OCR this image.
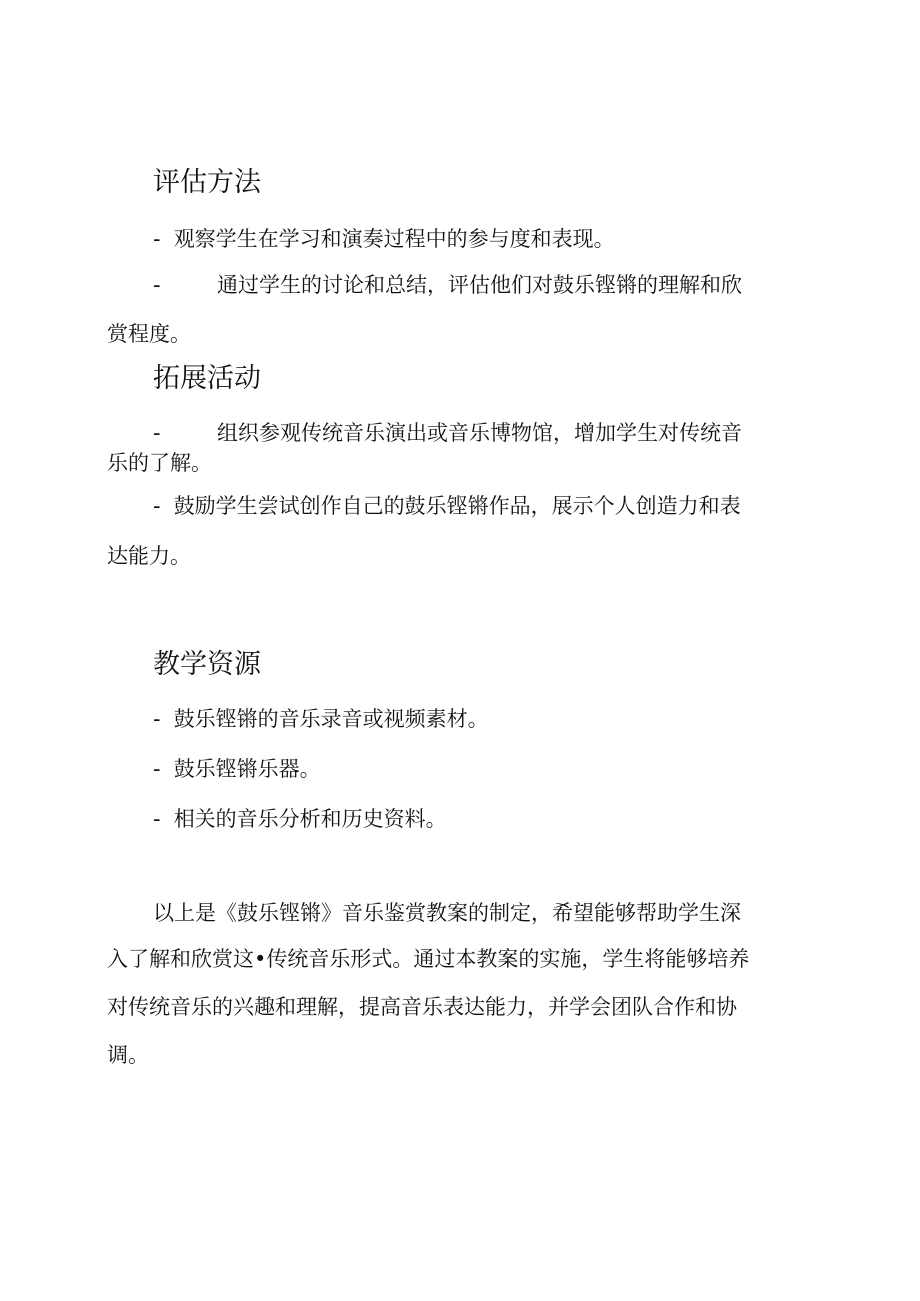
评估方法

- 观察学生在学习和演奏过程中的参与度和表现。

-	通过学生的讨论和总结，评估他们对鼓乐铿锵的理解和欣

赏程度。

拓展活动

-	组织参观传统音乐演出或音乐博物馆，增加学生对传统音

乐的了解。

- 鼓励学生尝试创作自己的鼓乐铿锵作品，展示个人创造力和表

达能力。

教学资源

- 鼓乐铿锵的音乐录音或视频素材。

- 鼓乐铿锵乐器。

- 相关的音乐分析和历史资料。

以上是《鼓乐铿锵》音乐鉴赏教案的制定，希望能够帮助学生深

入了解和欣赏这•传统音乐形式。通过本教案的实施，学生将能够培养

对传统音乐的兴趣和理解，提高音乐表达能力，并学会团队合作和协

调。
